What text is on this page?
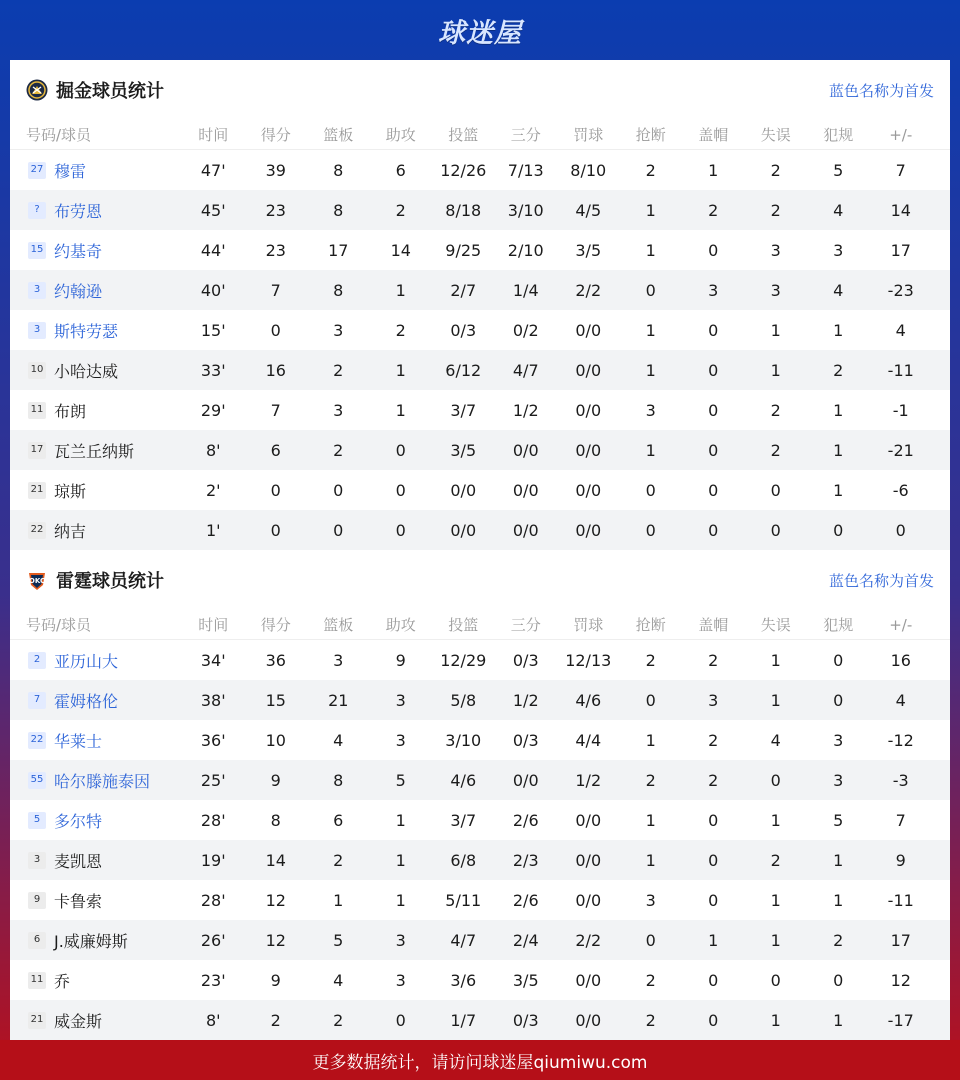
球迷屋
掘金球员统计	蓝色名称为首发
号码/球员	时间	得分	篮板	助攻	投篮	三分	罚球	抢断	盖帽	失误	犯规	+/-
27 穆雷	47'	39	8	6	12/26	7/13	8/10	2	1	2	5	7
? 布劳恩	45'	23	8	2	8/18	3/10	4/5	1	2	2	4	14
15 约基奇	44'	23	17	14	9/25	2/10	3/5	1	0	3	3	17
3 约翰逊	40'	7	8	1	2/7	1/4	2/2	0	3	3	4	-23
3 斯特劳瑟	15'	0	3	2	0/3	0/2	0/0	1	0	1	1	4
10 小哈达威	33'	16	2	1	6/12	4/7	0/0	1	0	1	2	-11
11 布朗	29'	7	3	1	3/7	1/2	0/0	3	0	2	1	-1
17 瓦兰丘纳斯	8'	6	2	0	3/5	0/0	0/0	1	0	2	1	-21
21 琼斯	2'	0	0	0	0/0	0/0	0/0	0	0	0	1	-6
22 纳吉	1'	0	0	0	0/0	0/0	0/0	0	0	0	0	0
OKC 雷霆球员统计	蓝色名称为首发
号码/球员	时间	得分	篮板	助攻	投篮	三分	罚球	抢断	盖帽	失误	犯规	+/-
2 亚历山大	34'	36	3	9	12/29	0/3	12/13	2	2	1	0	16
7 霍姆格伦	38'	15	21	3	5/8	1/2	4/6	0	3	1	0	4
22 华莱士	36'	10	4	3	3/10	0/3	4/4	1	2	4	3	-12
55 哈尔滕施泰因	25'	9	8	5	4/6	0/0	1/2	2	2	0	3	-3
5 多尔特	28'	8	6	1	3/7	2/6	0/0	1	0	1	5	7
3 麦凯恩	19'	14	2	1	6/8	2/3	0/0	1	0	2	1	9
9 卡鲁索	28'	12	1	1	5/11	2/6	0/0	3	0	1	1	-11
6 J.威廉姆斯	26'	12	5	3	4/7	2/4	2/2	0	1	1	2	17
11 乔	23'	9	4	3	3/6	3/5	0/0	2	0	0	0	12
21 威金斯	8'	2	2	0	1/7	0/3	0/0	2	0	1	1	-17
更多数据统计，请访问球迷屋qiumiwu.com
